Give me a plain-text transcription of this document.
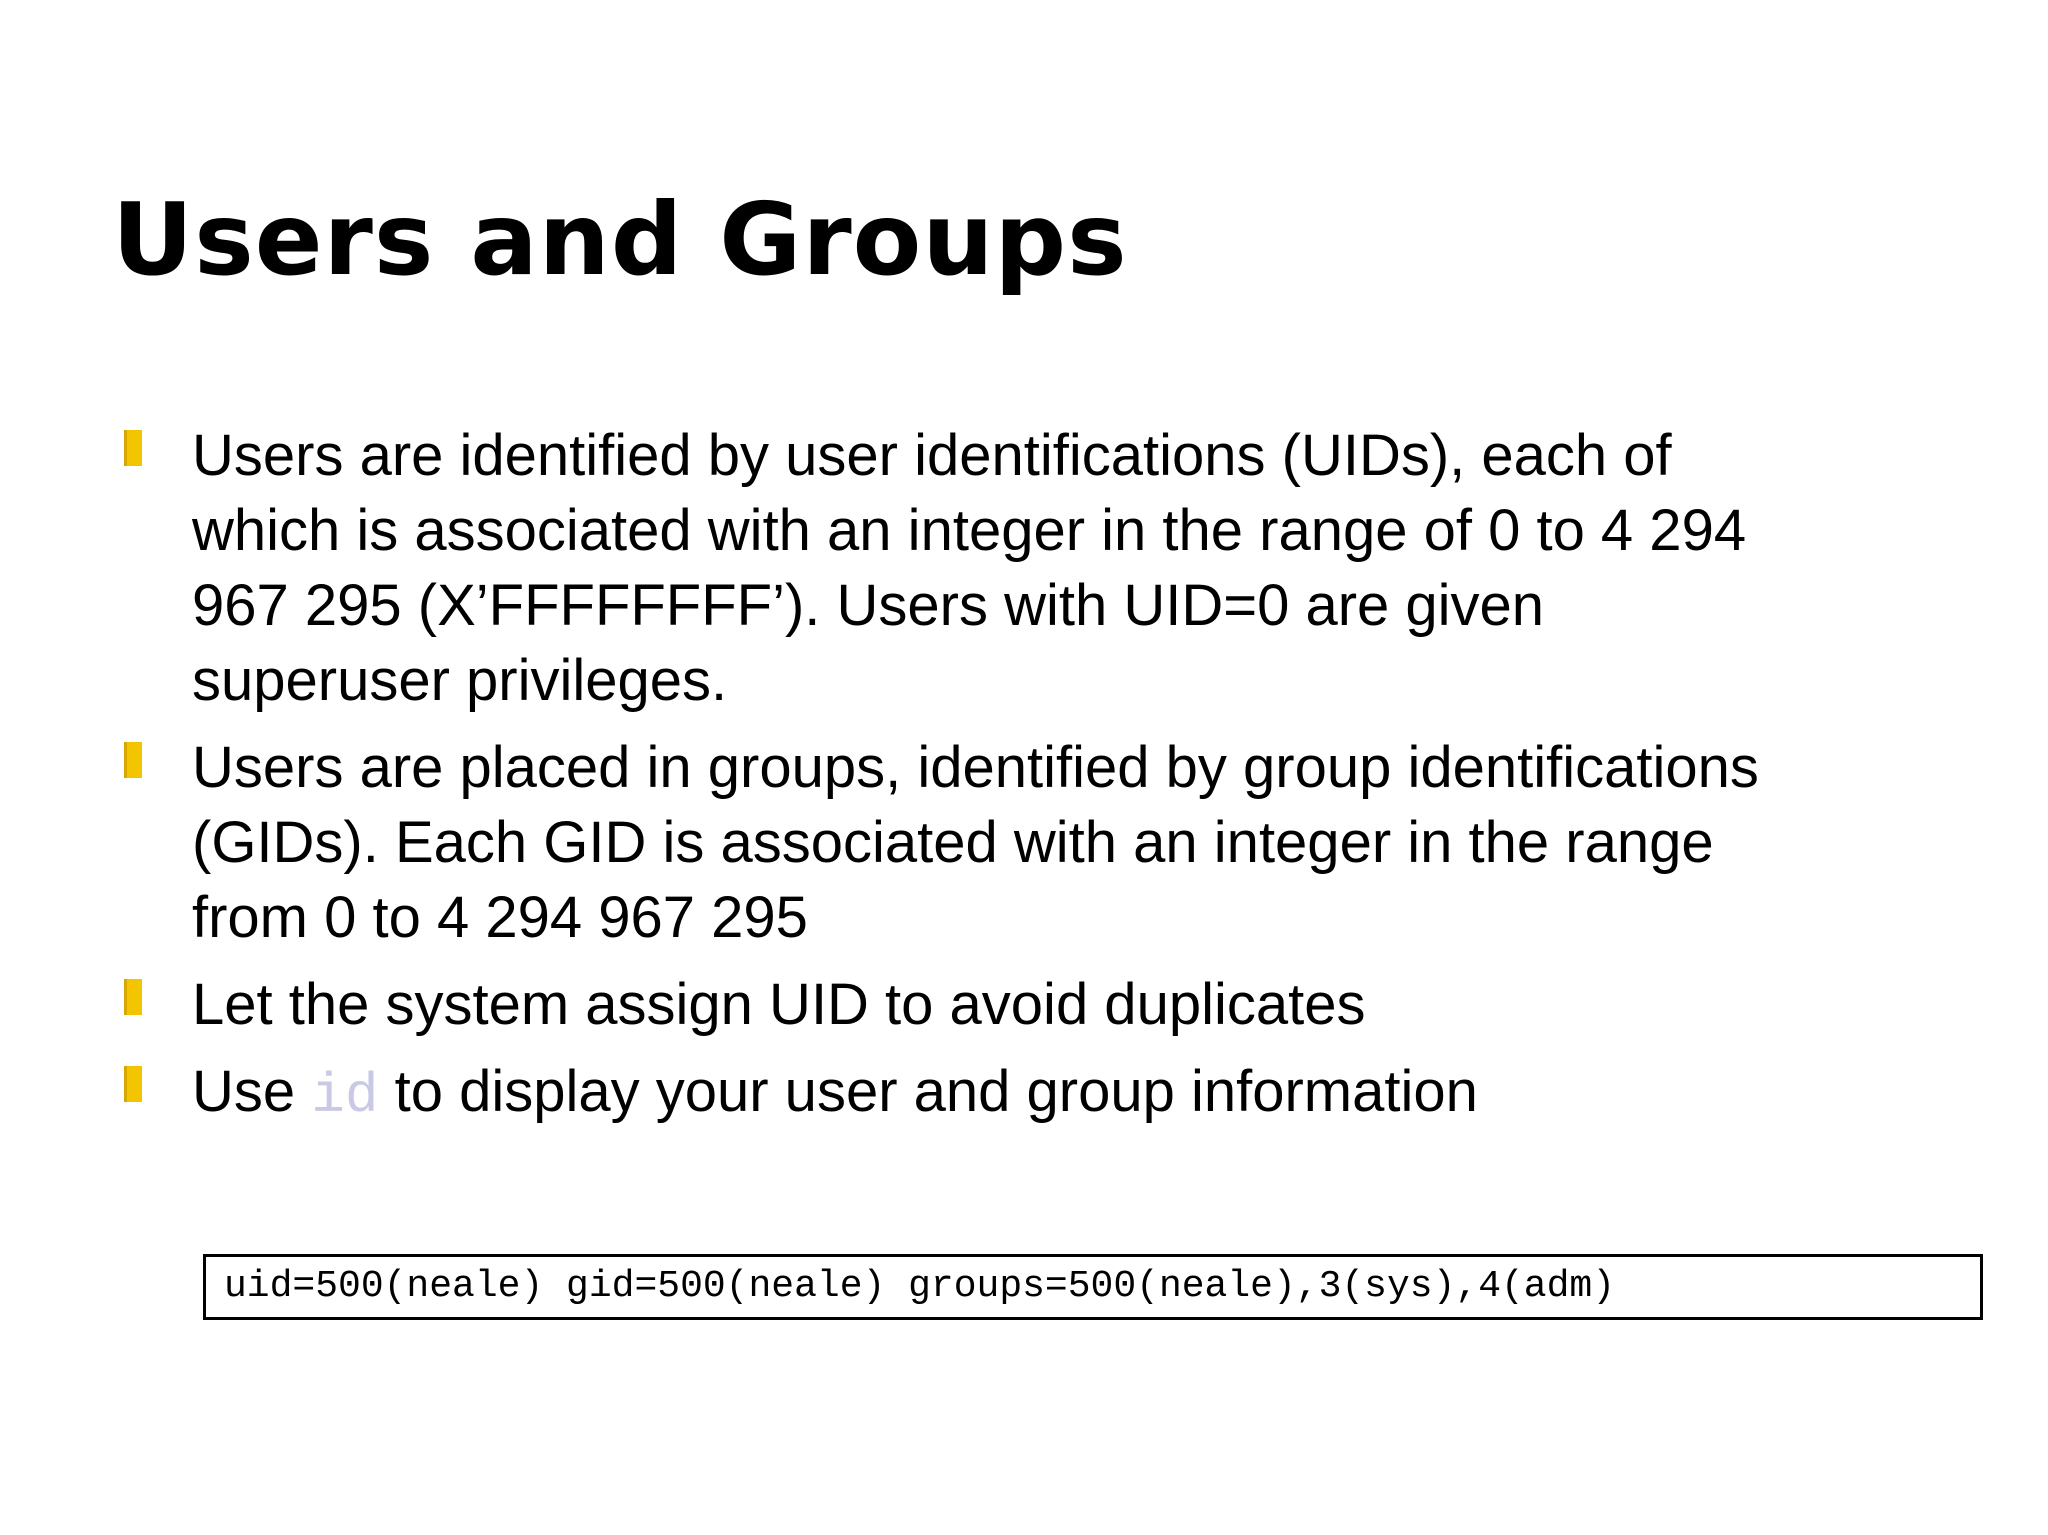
Users and Groups
Users are identified by user identifications (UIDs), each of
which is associated with an integer in the range of 0 to 4 294
967 295 (X’FFFFFFFF’). Users with UID=0 are given
superuser privileges.
Users are placed in groups, identified by group identifications
(GIDs). Each GID is associated with an integer in the range
from 0 to 4 294 967 295
Let the system assign UID to avoid duplicates
Use id to display your user and group information
uid=500(neale) gid=500(neale) groups=500(neale),3(sys),4(adm)
